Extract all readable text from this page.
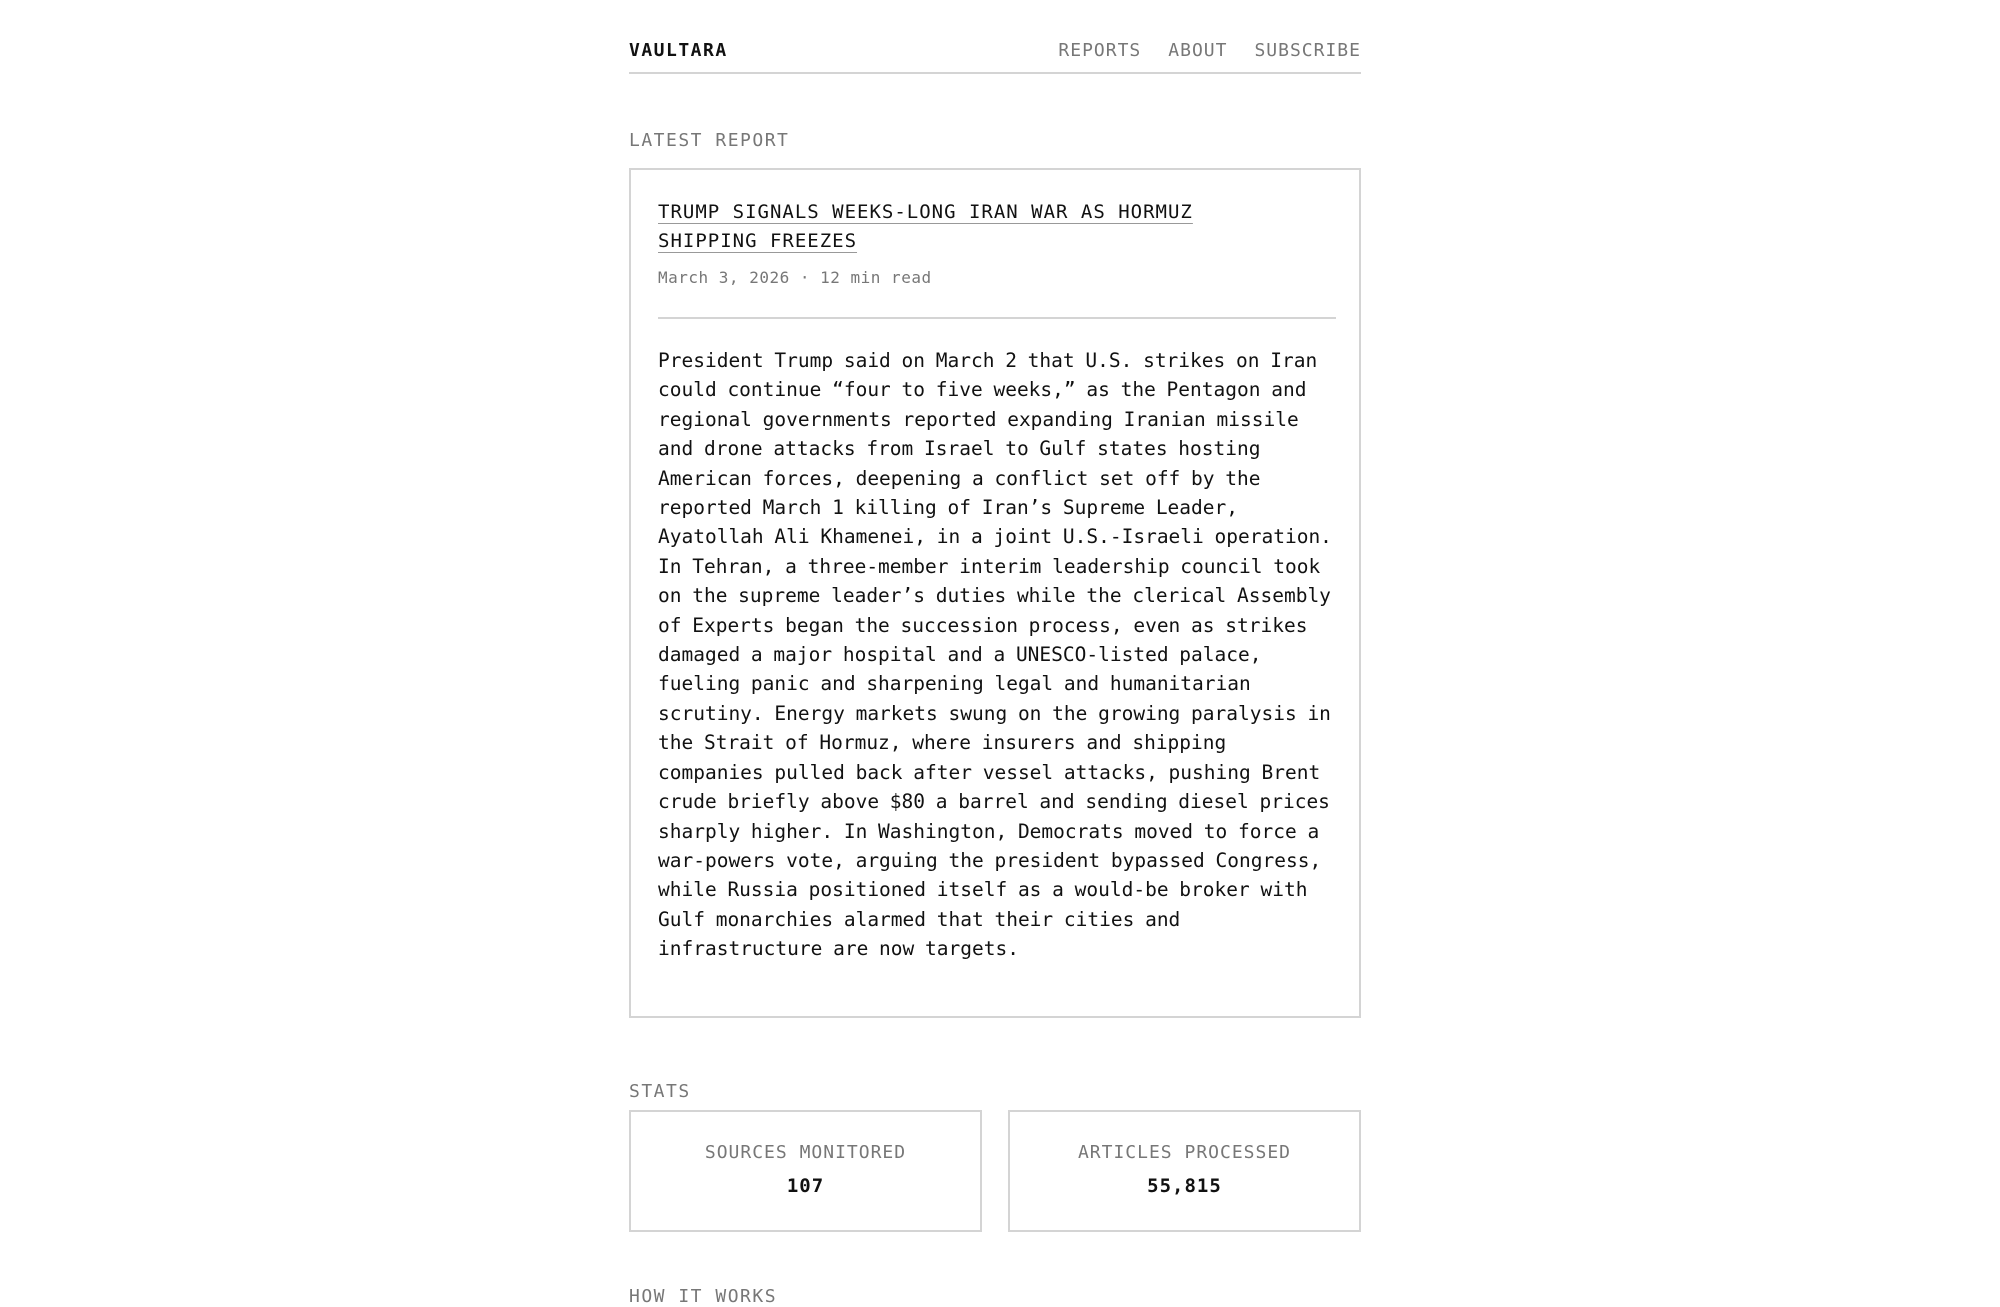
VAULTARA	REPORTS ABOUT SUBSCRIBE
LATEST REPORT
TRUMP SIGNALS WEEKS-LONG IRAN WAR AS HORMUZ SHIPPING FREEZES
March 3, 2026 · 12 min read

President Trump said on March 2 that U.S. strikes on Iran could continue “four to five weeks,” as the Pentagon and regional governments reported expanding Iranian missile and drone attacks from Israel to Gulf states hosting American forces, deepening a conflict set off by the reported March 1 killing of Iran’s Supreme Leader, Ayatollah Ali Khamenei, in a joint U.S.-Israeli operation. In Tehran, a three-member interim leadership council took on the supreme leader’s duties while the clerical Assembly of Experts began the succession process, even as strikes damaged a major hospital and a UNESCO-listed palace, fueling panic and sharpening legal and humanitarian scrutiny. Energy markets swung on the growing paralysis in the Strait of Hormuz, where insurers and shipping companies pulled back after vessel attacks, pushing Brent crude briefly above $80 a barrel and sending diesel prices sharply higher. In Washington, Democrats moved to force a war-powers vote, arguing the president bypassed Congress, while Russia positioned itself as a would-be broker with Gulf monarchies alarmed that their cities and infrastructure are now targets.

STATS
SOURCES MONITORED
107
ARTICLES PROCESSED
55,815
HOW IT WORKS
